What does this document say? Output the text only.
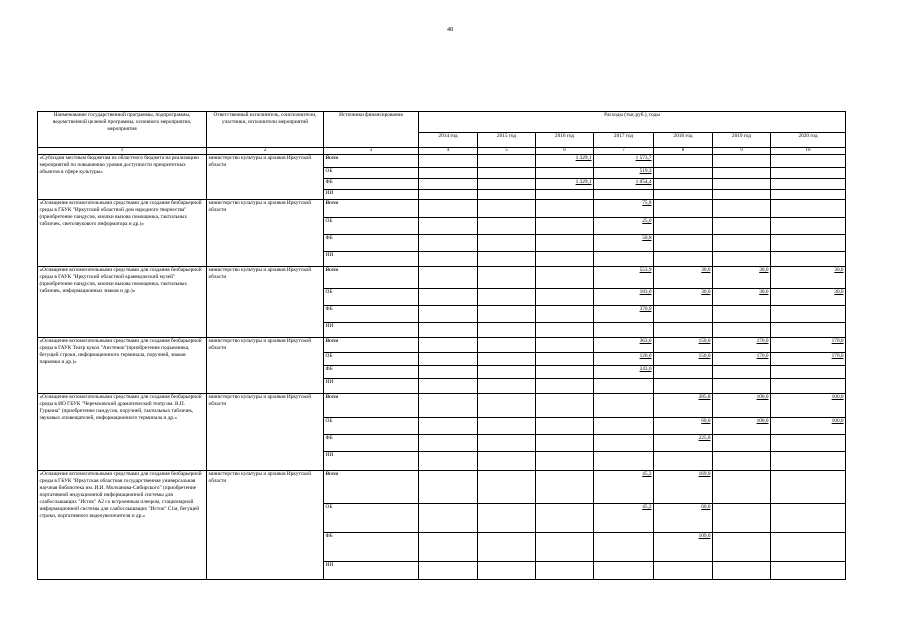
48
Наименование государственной программы, подпрограммы, ведомственной целевой программы, основного мероприятия, мероприятия	Ответственный исполнитель, соисполнители, участники, исполнители мероприятий	Источники финансирования	Расходы (тыс.руб.), годы						
			2014 год	2015 год	2016 год	2017 год	2018 год	2019 год	2020 год
1	2	3	4	5	6	7	8	9	10
«Субсидии местным бюджетам из областного бюджета на реализацию мероприятий по повышению уровня доступности приоритетных объектов в сфере культуры»	министерство культуры и архивов Иркутской области	Всего			1 329,1	1 573,7			
		ОБ				519,3			
		ФБ			1 329,1	1 054,4			
		ИИ							
«Оснащение вспомогательными средствами для создания безбарьерной среды в ГБУК "Иркутский областной дом народного творчества" (приобретение пандусов, кнопки вызова помощника, тактильных табличек, светозвукового информатора и др.)»	министерство культуры и архивов Иркутской области	Всего				75,8			
		ОБ				25,0			
		ФБ				50,8			
		ИИ							
«Оснащение вспомогательными средствами для создания безбарьерной среды в ГАУК "Иркутский областной краеведческий музей" (приобретение пандусов, кнопки вызова помощника, тактильных табличек, информационных знаков и др.)»	министерство культуры и архивов Иркутской области	Всего				553,9	30,0	30,0	30,0
		ОБ				183,0	30,0	30,0	30,0
		ФБ				370,9			
		ИИ							
«Оснащение вспомогательными средствами для создания безбарьерной среды в ГАУК Театр кукол "Аистенок"(приобретение подъемника, бегущей строки, информационного терминала, поручней, знаков парковки и др.)»	министерство культуры и архивов Иркутской области	Всего				363,6	150,0	170,0	170,0
		ОБ				120,0	150,0	170,0	170,0
		ФБ				243,6			
		ИИ							
«Оснащение вспомогательными средствами для создания безбарьерной среды в ИО ГБУК "Черемховский драматический театр им. В.П. Гуркина" (приобретение пандусов, поручней, тактильных табличек, звуковых оповещателей, информационного терминала и др.»	министерство культуры и архивов Иркутской области	Всего					285,8	100,0	100,0
		ОБ					60,0	100,0	100,0
		ФБ					225,8		
		ИИ							
«Оснащение вспомогательными средствами для создания безбарьерной среды в ГБУК "Иркутская областная государственная универсальная научная библиотека им. И.И. Молчанова-Сибирского" (приобретение портативной индукционной информационной системы для слабослышащих "Исток" А2 со встроенным плеером, стационарной информационной системы для слабослышащих "Исток" С1м, бегущей строки, портативного видеоувеличителя и др.»	министерство культуры и архивов Иркутской области	Всего				45,2	169,0		
		ОБ				45,2	60,0		
		ФБ					109,0		
		ИИ							
